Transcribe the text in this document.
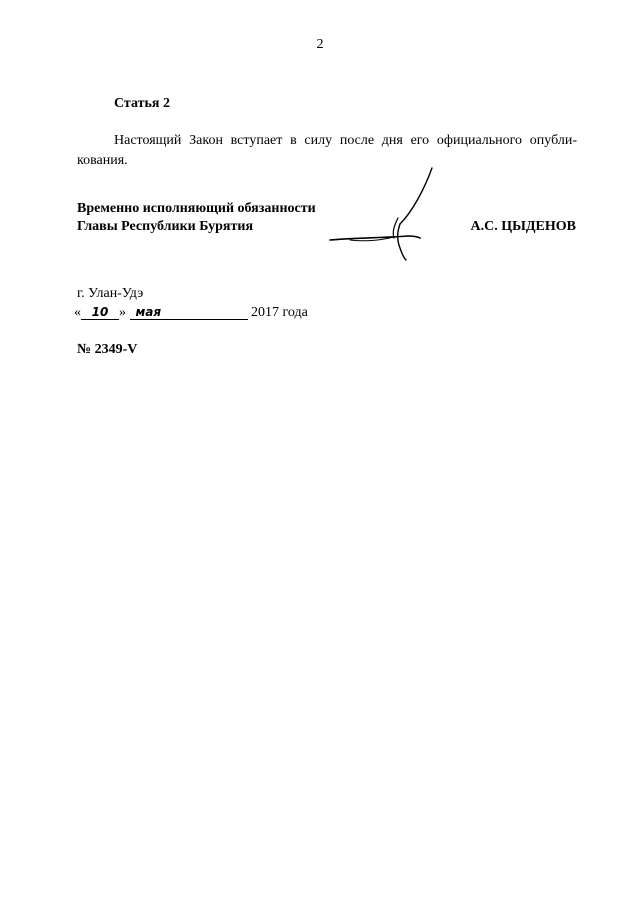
2
Статья 2
Настоящий Закон вступает в силу после дня его официального опубли-
кования.
Временно исполняющий обязанности
Главы Республики Бурятия	А.С. ЦЫДЕНОВ
г. Улан-Удэ
« 10 » мая	2017 года
№ 2349-V
